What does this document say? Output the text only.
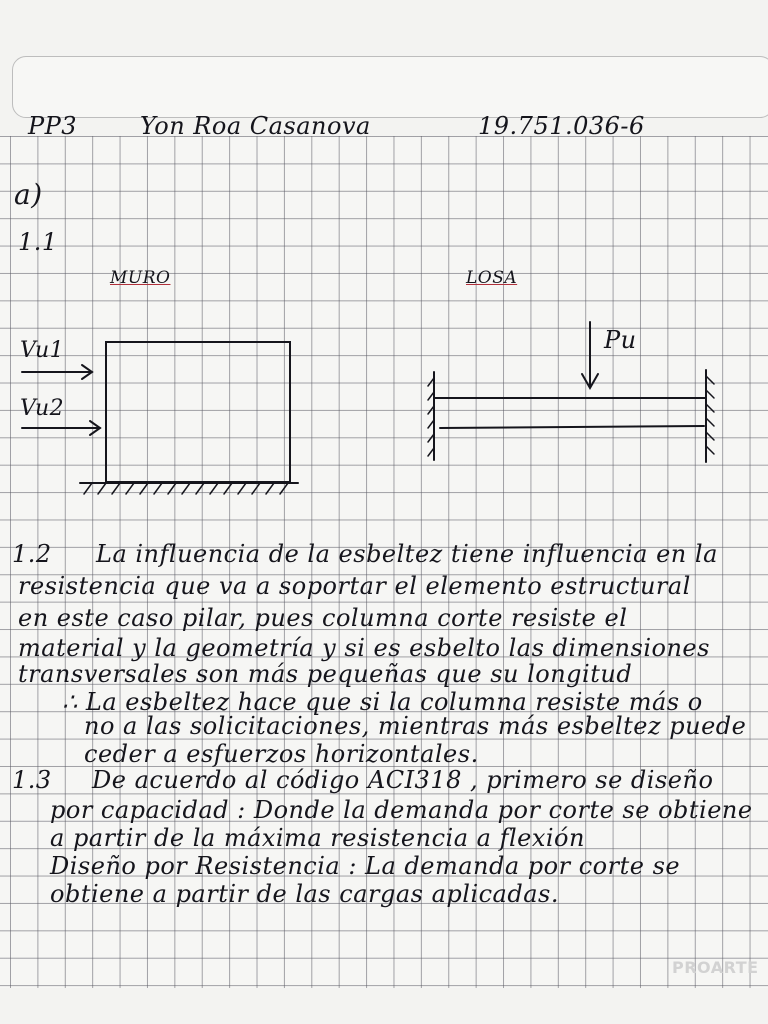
PP3	Yon Roa Casanova	19.751.036-6
a)
1.1
MURO	LOSA
Vu1
Vu2
Pu
1.2 La influencia de la esbeltez tiene influencia en la
resistencia que va a soportar el elemento estructural
en este caso pilar, pues columna corte resiste el
material y la geometría y si es esbelto las dimensiones
transversales son más pequeñas que su longitud
∴ La esbeltez hace que si la columna resiste más o
no a las solicitaciones, mientras más esbeltez puede
ceder a esfuerzos horizontales.
1.3 De acuerdo al código ACI318 , primero se diseño
por capacidad : Donde la demanda por corte se obtiene
a partir de la máxima resistencia a flexión
Diseño por Resistencia : La demanda por corte se
obtiene a partir de las cargas aplicadas.
PROARTE
